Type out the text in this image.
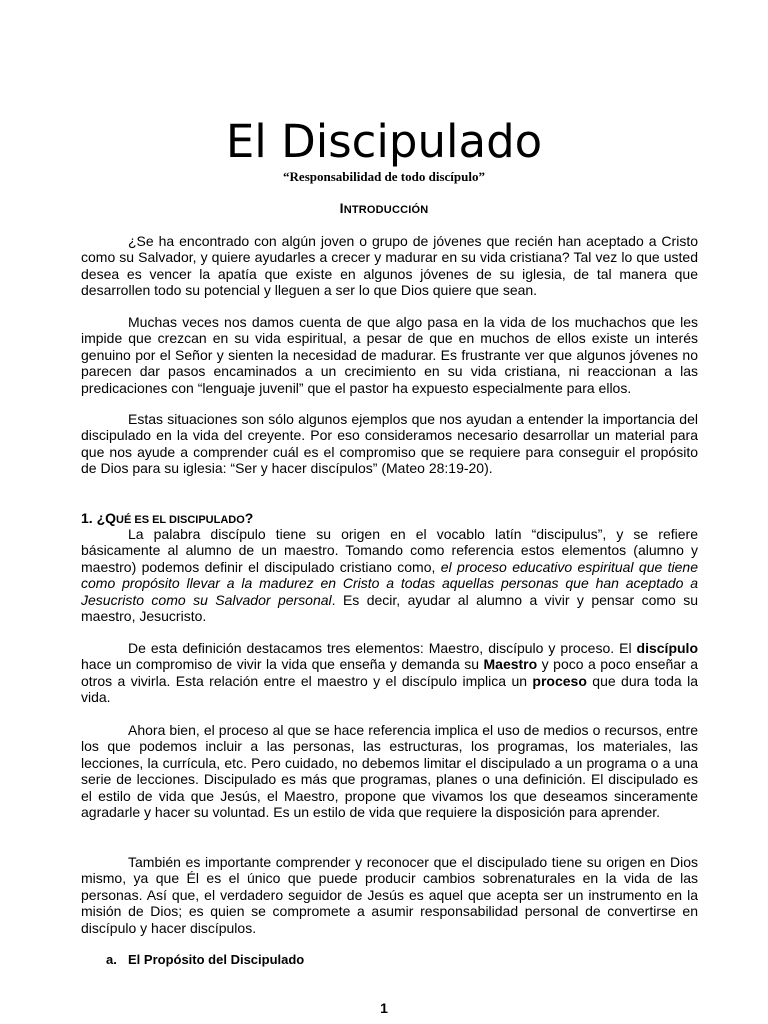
El Discipulado
“Responsabilidad de todo discípulo”
INTRODUCCIÓN

¿Se ha encontrado con algún joven o grupo de jóvenes que recién han aceptado a Cristo como su Salvador, y quiere ayudarles a crecer y madurar en su vida cristiana? Tal vez lo que usted desea es vencer la apatía que existe en algunos jóvenes de su iglesia, de tal manera que desarrollen todo su potencial y lleguen a ser lo que Dios quiere que sean.

Muchas veces nos damos cuenta de que algo pasa en la vida de los muchachos que les impide que crezcan en su vida espiritual, a pesar de que en muchos de ellos existe un interés genuino por el Señor y sienten la necesidad de madurar. Es frustrante ver que algunos jóvenes no parecen dar pasos encaminados a un crecimiento en su vida cristiana, ni reaccionan a las predicaciones con “lenguaje juvenil” que el pastor ha expuesto especialmente para ellos.

Estas situaciones son sólo algunos ejemplos que nos ayudan a entender la importancia del discipulado en la vida del creyente. Por eso consideramos necesario desarrollar un material para que nos ayude a comprender cuál es el compromiso que se requiere para conseguir el propósito de Dios para su iglesia: “Ser y hacer discípulos” (Mateo 28:19-20).

1. ¿QUÉ ES EL DISCIPULADO?

La palabra discípulo tiene su origen en el vocablo latín “discipulus”, y se refiere básicamente al alumno de un maestro. Tomando como referencia estos elementos (alumno y maestro) podemos definir el discipulado cristiano como, el proceso educativo espiritual que tiene como propósito llevar a la madurez en Cristo a todas aquellas personas que han aceptado a Jesucristo como su Salvador personal. Es decir, ayudar al alumno a vivir y pensar como su maestro, Jesucristo.

De esta definición destacamos tres elementos: Maestro, discípulo y proceso. El discípulo hace un compromiso de vivir la vida que enseña y demanda su Maestro y poco a poco enseñar a otros a vivirla. Esta relación entre el maestro y el discípulo implica un proceso que dura toda la vida.

Ahora bien, el proceso al que se hace referencia implica el uso de medios o recursos, entre los que podemos incluir a las personas, las estructuras, los programas, los materiales, las lecciones, la currícula, etc. Pero cuidado, no debemos limitar el discipulado a un programa o a una serie de lecciones. Discipulado es más que programas, planes o una definición. El discipulado es el estilo de vida que Jesús, el Maestro, propone que vivamos los que deseamos sinceramente agradarle y hacer su voluntad. Es un estilo de vida que requiere la disposición para aprender.

También es importante comprender y reconocer que el discipulado tiene su origen en Dios mismo, ya que Él es el único que puede producir cambios sobrenaturales en la vida de las personas. Así que, el verdadero seguidor de Jesús es aquel que acepta ser un instrumento en la misión de Dios; es quien se compromete a asumir responsabilidad personal de convertirse en discípulo y hacer discípulos.

a. El Propósito del Discipulado
1
